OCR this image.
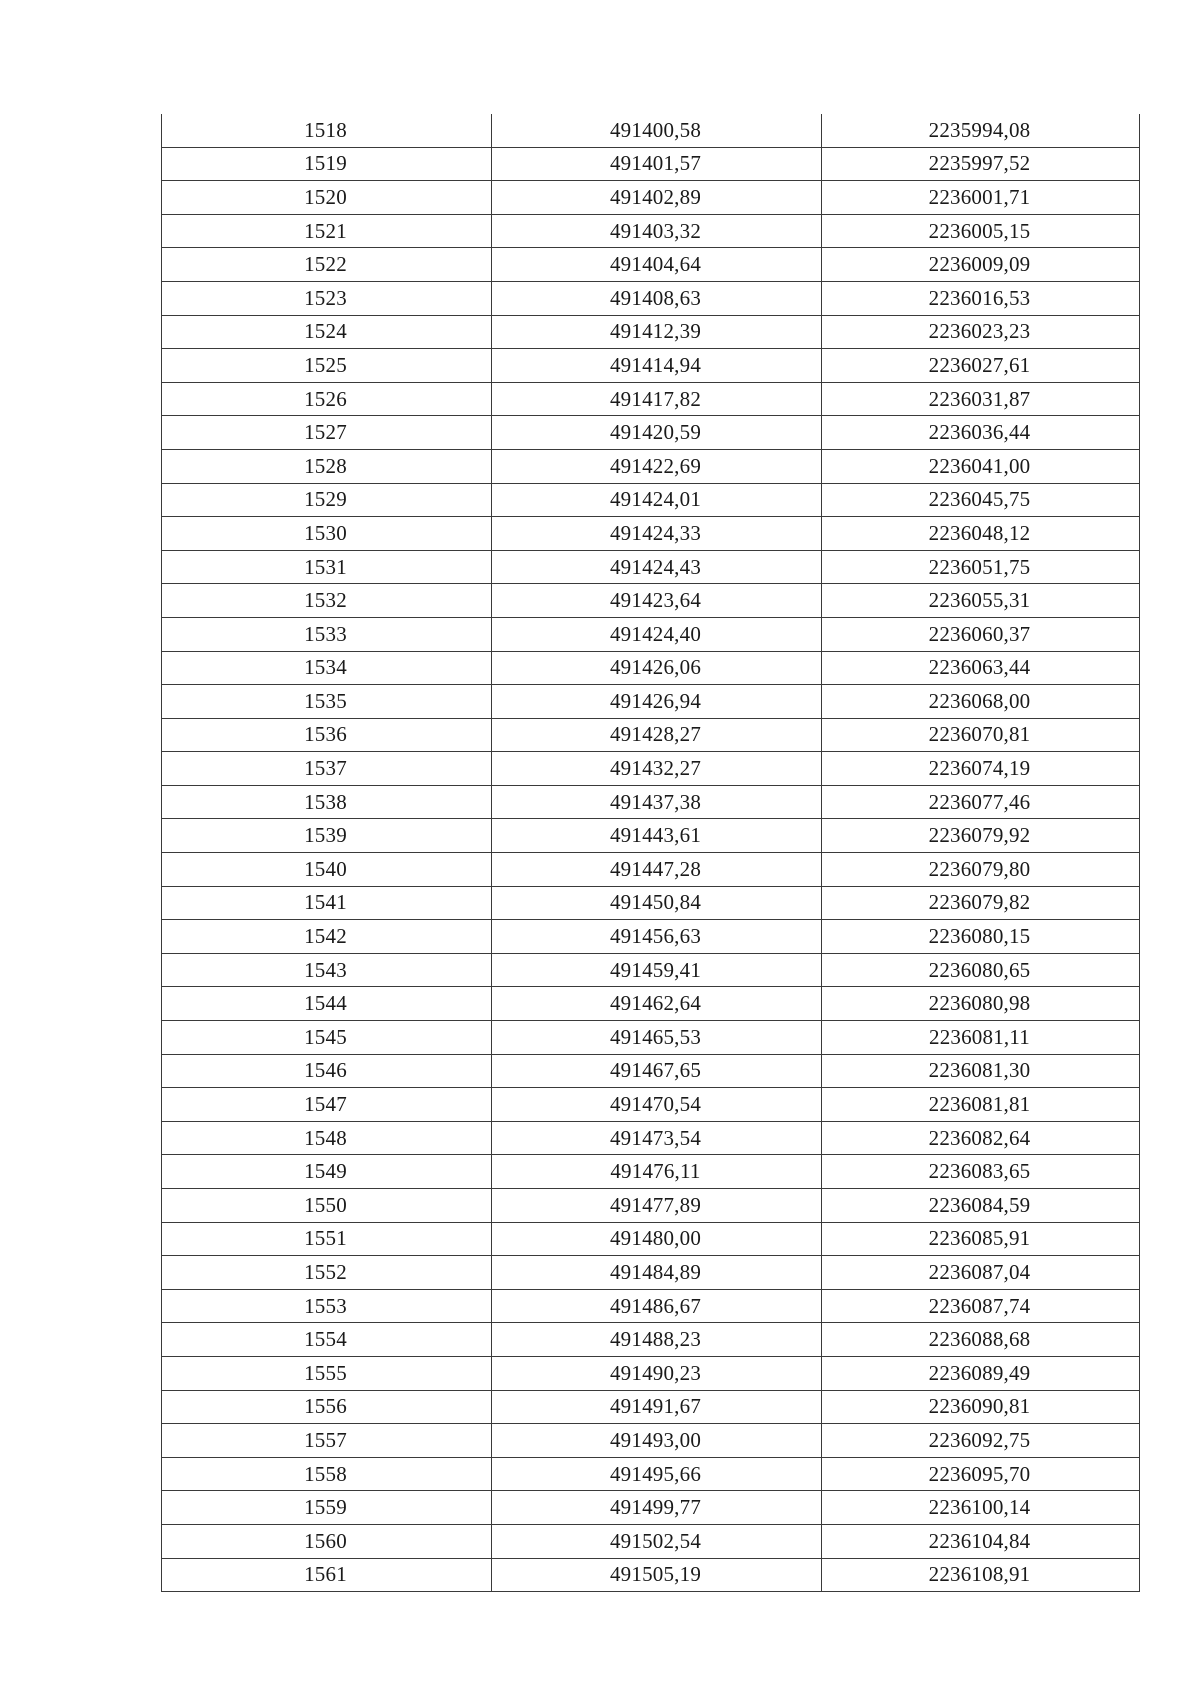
1518	491400,58	2235994,08
1519	491401,57	2235997,52
1520	491402,89	2236001,71
1521	491403,32	2236005,15
1522	491404,64	2236009,09
1523	491408,63	2236016,53
1524	491412,39	2236023,23
1525	491414,94	2236027,61
1526	491417,82	2236031,87
1527	491420,59	2236036,44
1528	491422,69	2236041,00
1529	491424,01	2236045,75
1530	491424,33	2236048,12
1531	491424,43	2236051,75
1532	491423,64	2236055,31
1533	491424,40	2236060,37
1534	491426,06	2236063,44
1535	491426,94	2236068,00
1536	491428,27	2236070,81
1537	491432,27	2236074,19
1538	491437,38	2236077,46
1539	491443,61	2236079,92
1540	491447,28	2236079,80
1541	491450,84	2236079,82
1542	491456,63	2236080,15
1543	491459,41	2236080,65
1544	491462,64	2236080,98
1545	491465,53	2236081,11
1546	491467,65	2236081,30
1547	491470,54	2236081,81
1548	491473,54	2236082,64
1549	491476,11	2236083,65
1550	491477,89	2236084,59
1551	491480,00	2236085,91
1552	491484,89	2236087,04
1553	491486,67	2236087,74
1554	491488,23	2236088,68
1555	491490,23	2236089,49
1556	491491,67	2236090,81
1557	491493,00	2236092,75
1558	491495,66	2236095,70
1559	491499,77	2236100,14
1560	491502,54	2236104,84
1561	491505,19	2236108,91
